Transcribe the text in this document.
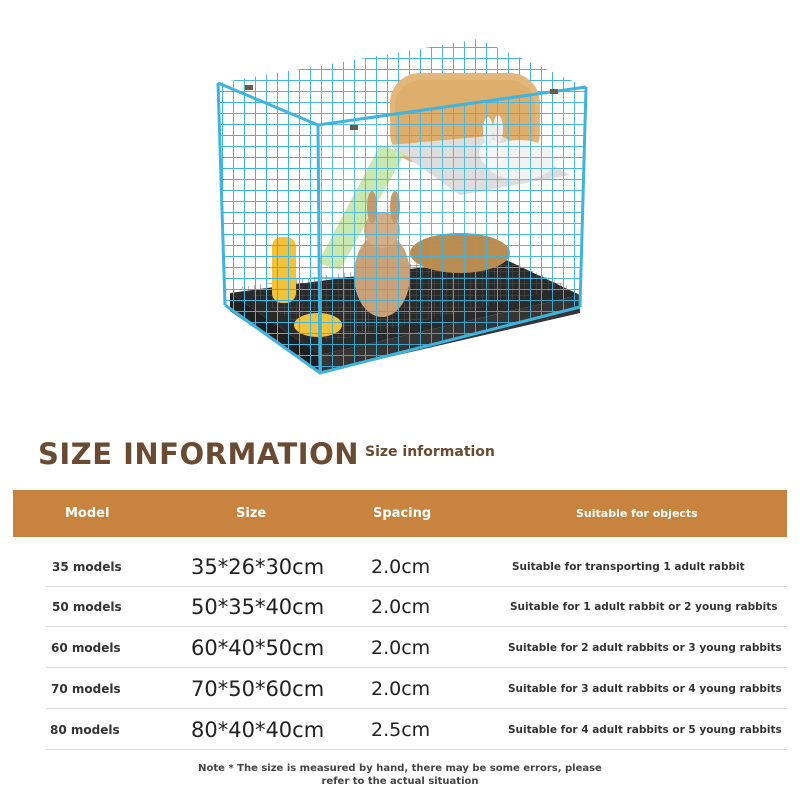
SIZE INFORMATION Size information
Model	Size	Spacing	Suitable for objects
35 models	35*26*30cm 2.0cm	Suitable for transporting 1 adult rabbit
50 models	50*35*40cm 2.0cm	Suitable for 1 adult rabbit or 2 young rabbits
60 models	60*40*50cm 2.0cm	Suitable for 2 adult rabbits or 3 young rabbits
70 models	70*50*60cm 2.0cm	Suitable for 3 adult rabbits or 4 young rabbits
80 models	80*40*40cm 2.5cm	Suitable for 4 adult rabbits or 5 young rabbits
Note * The size is measured by hand, there may be some errors, please refer to the actual situation
